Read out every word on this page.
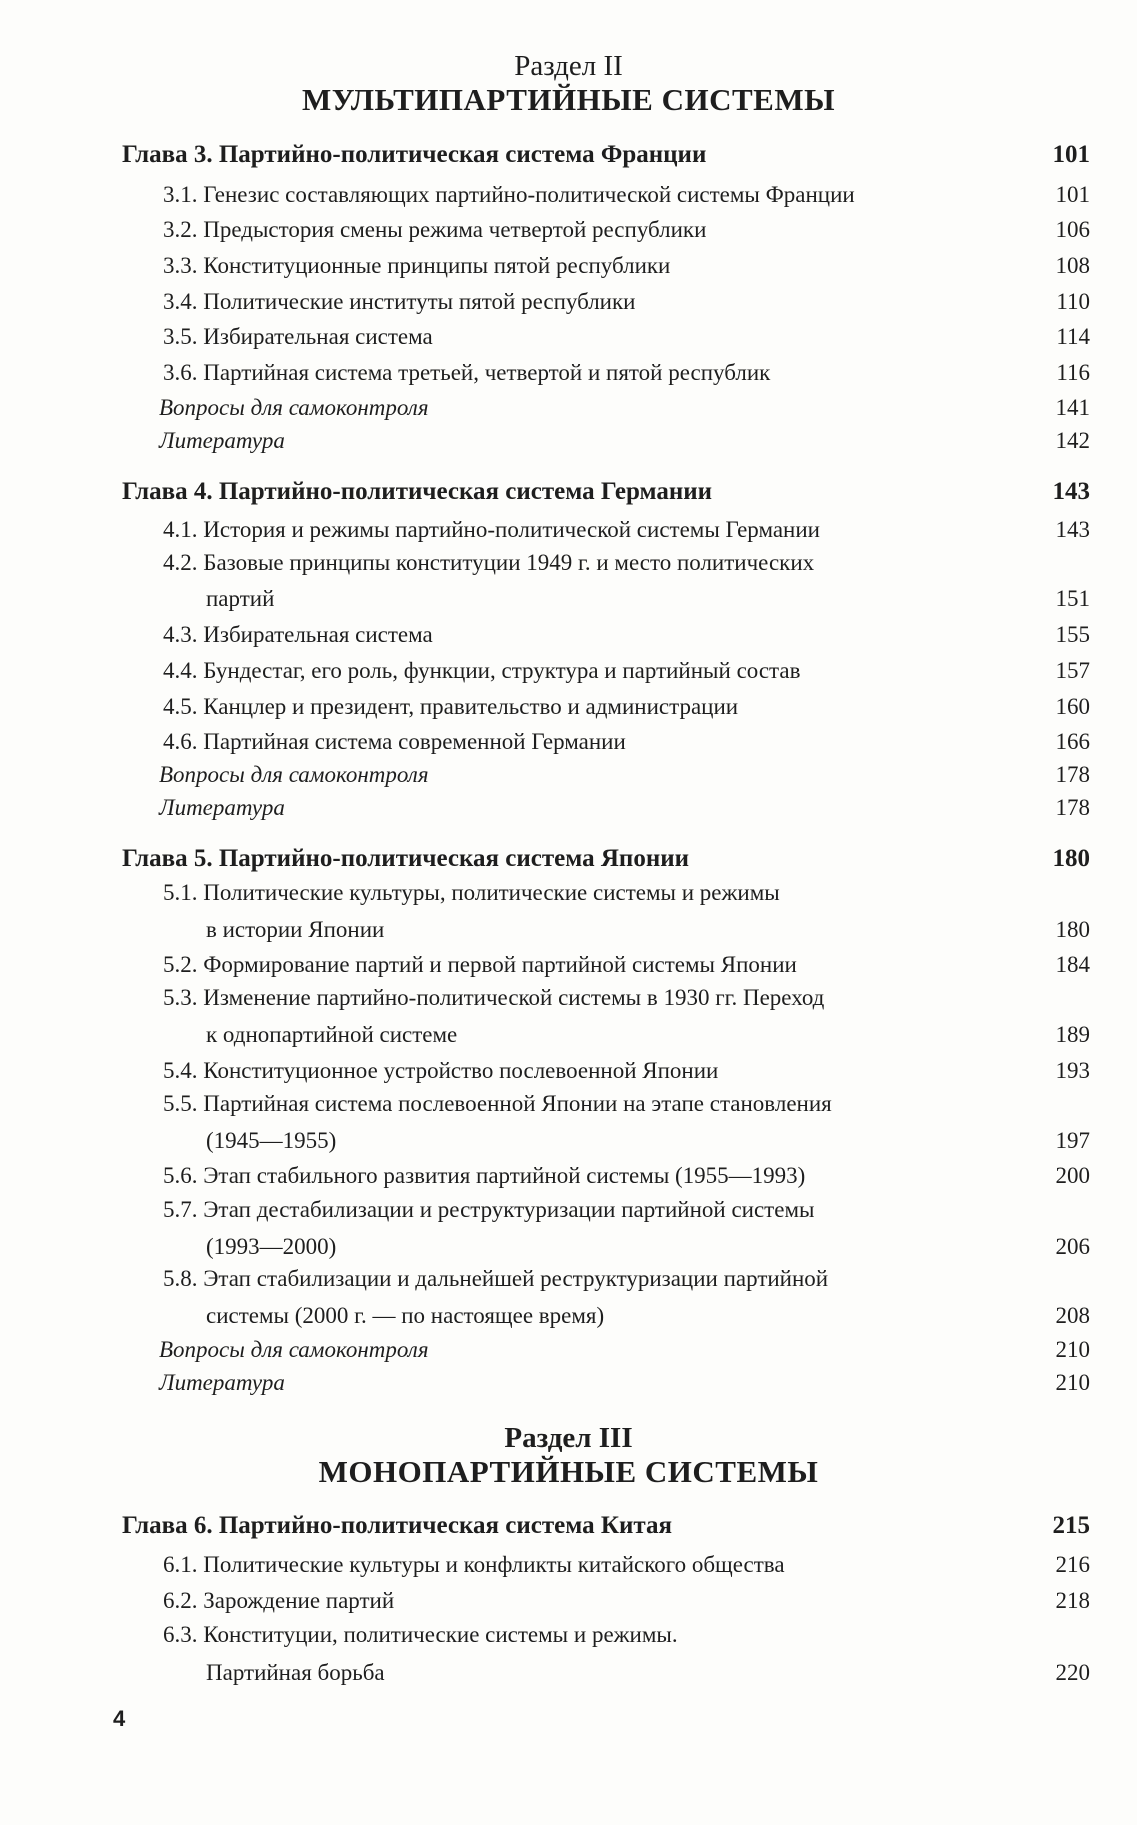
Раздел II
МУЛЬТИПАРТИЙНЫЕ СИСТЕМЫ
Глава 3. Партийно-политическая система Франции .....	101
3.1. Генезис составляющих партийно-политической системы Франции .....	101
3.2. Предыстория смены режима четвертой республики .....	106
3.3. Конституционные принципы пятой республики .....	108
3.4. Политические институты пятой республики .....	110
3.5. Избирательная система .....	114
3.6. Партийная система третьей, четвертой и пятой республик .....	116
Вопросы для самоконтроля .....	141
Литература .....	142
Глава 4. Партийно-политическая система Германии .....	143
4.1. История и режимы партийно-политической системы Германии .....	143
4.2. Базовые принципы конституции 1949 г. и место политических
партий .....	151
4.3. Избирательная система .....	155
4.4. Бундестаг, его роль, функции, структура и партийный состав .....	157
4.5. Канцлер и президент, правительство и администрации .....	160
4.6. Партийная система современной Германии .....	166
Вопросы для самоконтроля .....	178
Литература .....	178
Глава 5. Партийно-политическая система Японии .....	180
5.1. Политические культуры, политические системы и режимы
в истории Японии .....	180
5.2. Формирование партий и первой партийной системы Японии .....	184
5.3. Изменение партийно-политической системы в 1930 гг. Переход
к однопартийной системе .....	189
5.4. Конституционное устройство послевоенной Японии .....	193
5.5. Партийная система послевоенной Японии на этапе становления
(1945—1955) .....	197
5.6. Этап стабильного развития партийной системы (1955—1993) .....	200
5.7. Этап дестабилизации и реструктуризации партийной системы
(1993—2000) .....	206
5.8. Этап стабилизации и дальнейшей реструктуризации партийной
системы (2000 г. — по настоящее время) .....	208
Вопросы для самоконтроля .....	210
Литература .....	210
Раздел III
МОНОПАРТИЙНЫЕ СИСТЕМЫ
Глава 6. Партийно-политическая система Китая .....	215
6.1. Политические культуры и конфликты китайского общества .....	216
6.2. Зарождение партий .....	218
6.3. Конституции, политические системы и режимы.
Партийная борьба .....	220
4
